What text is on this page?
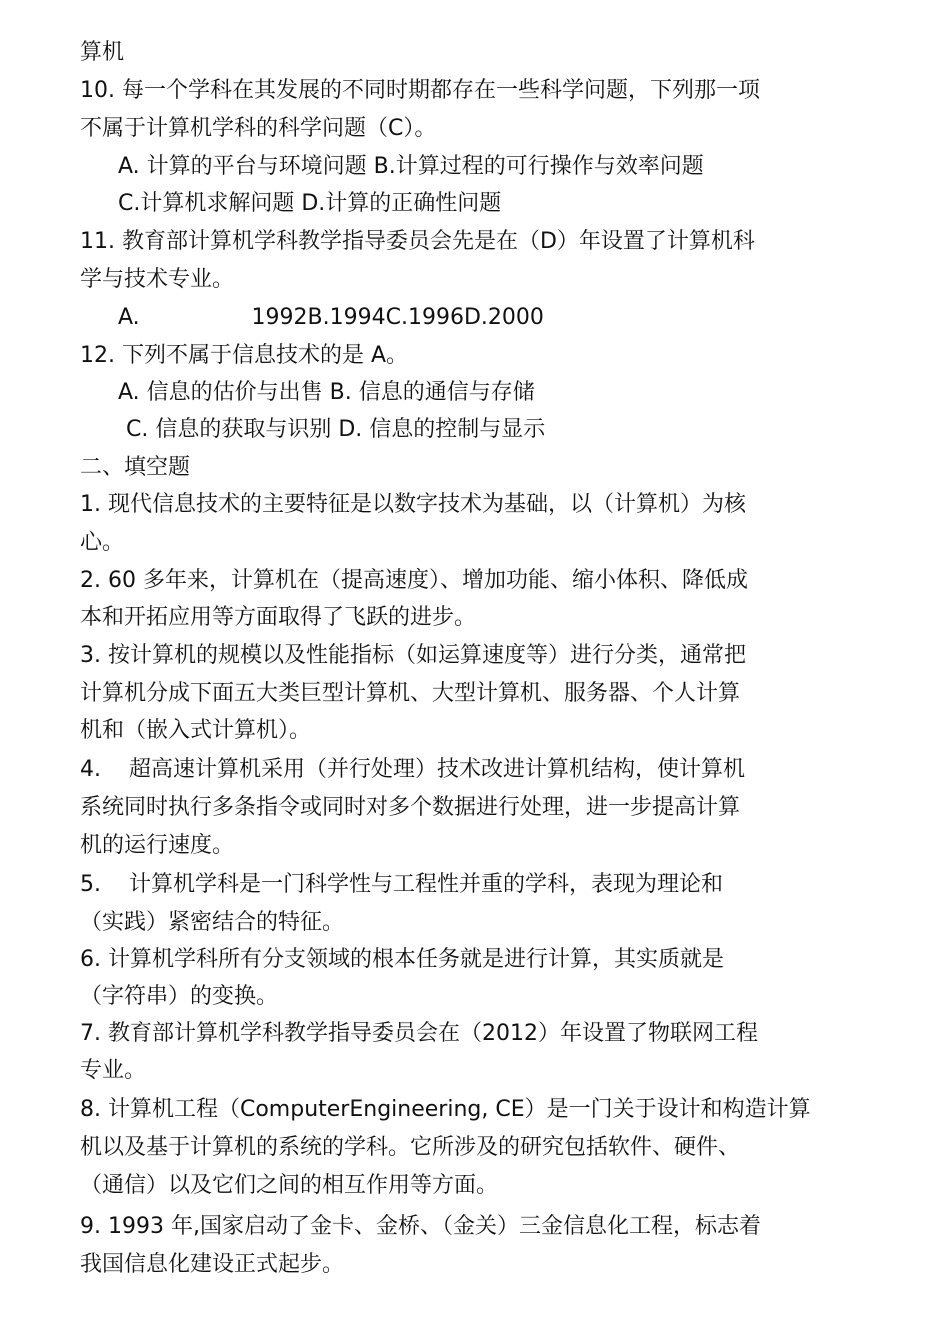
算机
10. 每一个学科在其发展的不同时期都存在一些科学问题，下列那一项
不属于计算机学科的科学问题（C）。
A. 计算的平台与环境问题 B.计算过程的可行操作与效率问题
C.计算机求解问题 D.计算的正确性问题
11. 教育部计算机学科教学指导委员会先是在（D）年设置了计算机科
学与技术专业。
A.                1992B.1994C.1996D.2000
12. 下列不属于信息技术的是 A。
A. 信息的估价与出售 B. 信息的通信与存储
C. 信息的获取与识别 D. 信息的控制与显示
二、填空题
1. 现代信息技术的主要特征是以数字技术为基础，以（计算机）为核
心。
2. 60 多年来，计算机在（提高速度）、增加功能、缩小体积、降低成
本和开拓应用等方面取得了飞跃的进步。
3. 按计算机的规模以及性能指标（如运算速度等）进行分类，通常把
计算机分成下面五大类巨型计算机、大型计算机、服务器、个人计算
机和（嵌入式计算机）。
4.    超高速计算机采用（并行处理）技术改进计算机结构，使计算机
系统同时执行多条指令或同时对多个数据进行处理，进一步提高计算
机的运行速度。
5.    计算机学科是一门科学性与工程性并重的学科，表现为理论和
（实践）紧密结合的特征。
6. 计算机学科所有分支领域的根本任务就是进行计算，其实质就是
（字符串）的变换。
7. 教育部计算机学科教学指导委员会在（2012）年设置了物联网工程
专业。
8. 计算机工程（ComputerEngineering, CE）是一门关于设计和构造计算
机以及基于计算机的系统的学科。它所涉及的研究包括软件、硬件、
（通信）以及它们之间的相互作用等方面。
9. 1993 年,国家启动了金卡、金桥、（金关）三金信息化工程，标志着
我国信息化建设正式起步。
